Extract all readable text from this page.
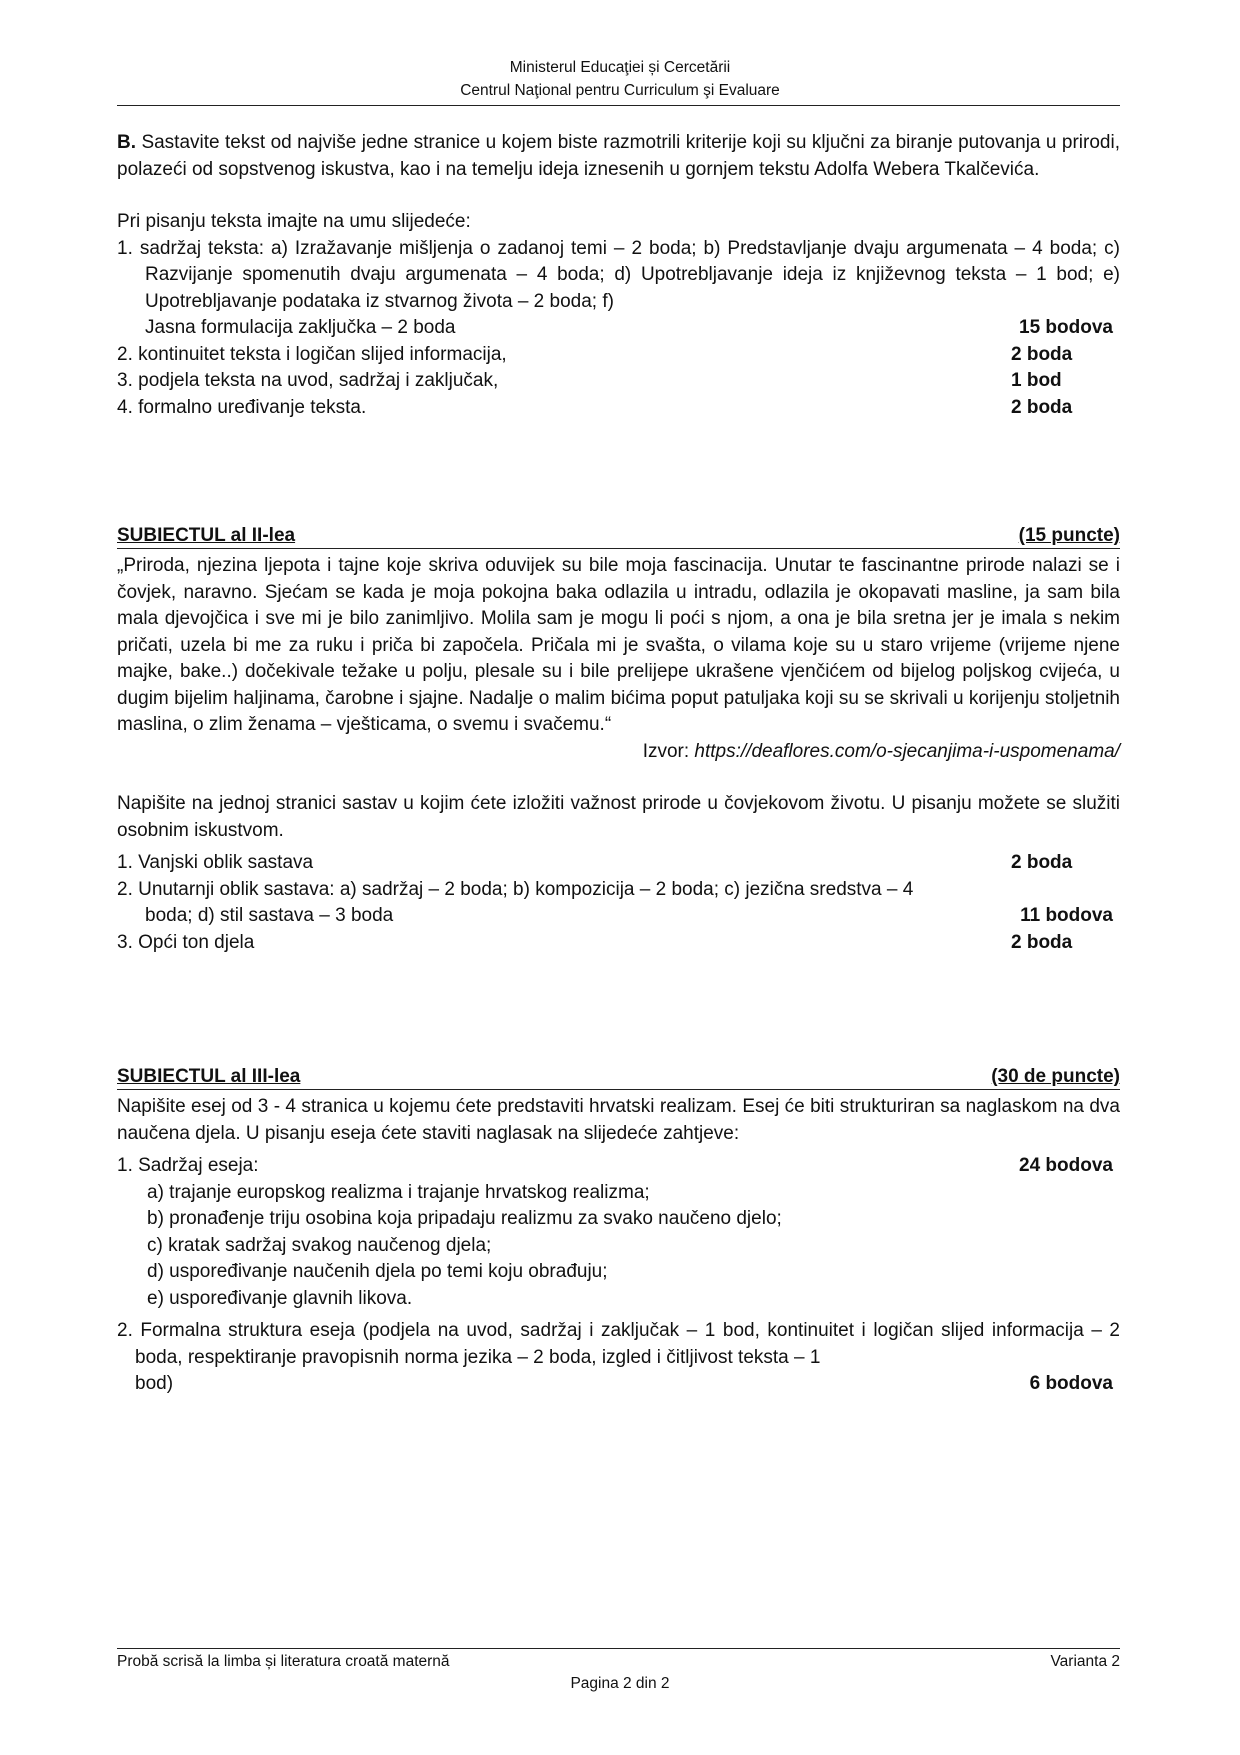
Ministerul Educaţiei și Cercetării
Centrul Naţional pentru Curriculum şi Evaluare

B. Sastavite tekst od najviše jedne stranice u kojem biste razmotrili kriterije koji su ključni za biranje putovanja u prirodi, polazeći od sopstvenog iskustva, kao i na temelju ideja iznesenih u gornjem tekstu Adolfa Webera Tkalčevića.

Pri pisanju teksta imajte na umu slijedeće:

1. sadržaj teksta: a) Izražavanje mišljenja o zadanoj temi – 2 boda; b) Predstavljanje dvaju argumenata – 4 boda; c) Razvijanje spomenutih dvaju argumenata – 4 boda; d) Upotrebljavanje ideja iz književnog teksta – 1 bod; e) Upotrebljavanje podataka iz stvarnog života – 2 boda; f)

Jasna formulacija zaključka – 2 boda	15 bodova
2. kontinuitet teksta i logičan slijed informacija,	2 boda
3. podjela teksta na uvod, sadržaj i zaključak,	1 bod
4. formalno uređivanje teksta.	2 boda
SUBIECTUL al II-lea	(15 puncte)

„Priroda, njezina ljepota i tajne koje skriva oduvijek su bile moja fascinacija. Unutar te fascinantne prirode nalazi se i čovjek, naravno. Sjećam se kada je moja pokojna baka odlazila u intradu, odlazila je okopavati masline, ja sam bila mala djevojčica i sve mi je bilo zanimljivo. Molila sam je mogu li poći s njom, a ona je bila sretna jer je imala s nekim pričati, uzela bi me za ruku i priča bi započela. Pričala mi je svašta, o vilama koje su u staro vrijeme (vrijeme njene majke, bake..) dočekivale težake u polju, plesale su i bile prelijepe ukrašene vjenčićem od bijelog poljskog cvijeća, u dugim bijelim haljinama, čarobne i sjajne. Nadalje o malim bićima poput patuljaka koji su se skrivali u korijenju stoljetnih maslina, o zlim ženama – vješticama, o svemu i svačemu.“

Izvor: https://deaflores.com/o-sjecanjima-i-uspomenama/

Napišite na jednoj stranici sastav u kojim ćete izložiti važnost prirode u čovjekovom životu. U pisanju možete se služiti osobnim iskustvom.

1. Vanjski oblik sastava	2 boda

2. Unutarnji oblik sastava: a) sadržaj – 2 boda; b) kompozicija – 2 boda; c) jezična sredstva – 4

boda; d) stil sastava – 3 boda	11 bodova
3. Opći ton djela	2 boda
SUBIECTUL al III-lea	(30 de puncte)

Napišite esej od 3 - 4 stranica u kojemu ćete predstaviti hrvatski realizam. Esej će biti strukturiran sa naglaskom na dva naučena djela. U pisanju eseja ćete staviti naglasak na slijedeće zahtjeve:

1. Sadržaj eseja:	24 bodova
a) trajanje europskog realizma i trajanje hrvatskog realizma;
b) pronađenje triju osobina koja pripadaju realizmu za svako naučeno djelo;
c) kratak sadržaj svakog naučenog djela;
d) uspoređivanje naučenih djela po temi koju obrađuju;
e) uspoređivanje glavnih likova.

2. Formalna struktura eseja (podjela na uvod, sadržaj i zaključak – 1 bod, kontinuitet i logičan slijed informacija – 2 boda, respektiranje pravopisnih norma jezika – 2 boda, izgled i čitljivost teksta – 1

bod)	6 bodova
Probă scrisă la limba și literatura croată maternă	Varianta 2
Pagina 2 din 2
